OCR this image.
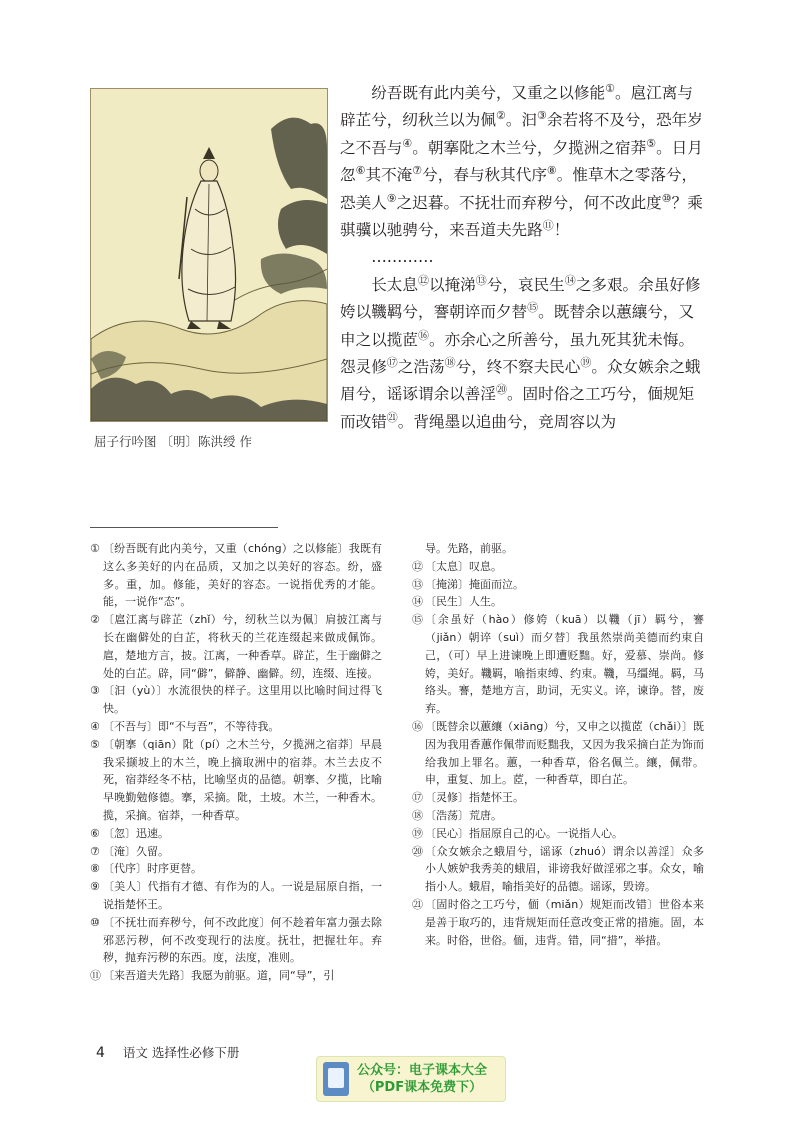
屈子行吟图 〔明〕陈洪绶 作

纷吾既有此内美兮，又重之以修能①。扈江离与辟芷兮，纫秋兰以为佩②。汩③余若将不及兮，恐年岁之不吾与④。朝搴阰之木兰兮，夕揽洲之宿莽⑤。日月忽⑥其不淹⑦兮，春与秋其代序⑧。惟草木之零落兮，恐美人⑨之迟暮。不抚壮而弃秽兮，何不改此度⑩？乘骐骥以驰骋兮，来吾道夫先路⑪！

…………

长太息⑫以掩涕⑬兮，哀民生⑭之多艰。余虽好修姱以鞿羁兮，謇朝谇而夕替⑮。既替余以蕙纕兮，又申之以揽茝⑯。亦余心之所善兮，虽九死其犹未悔。怨灵修⑰之浩荡⑱兮，终不察夫民心⑲。众女嫉余之蛾眉兮，谣诼谓余以善淫⑳。固时俗之工巧兮，偭规矩而改错$^㉑$。背绳墨以追曲兮，竞周容以为

① 〔纷吾既有此内美兮，又重（chóng）之以修能〕我既有这么多美好的内在品质，又加之以美好的容态。纷，盛多。重，加。修能，美好的容态。一说指优秀的才能。能，一说作“态”。
② 〔扈江离与辟芷（zhǐ）兮，纫秋兰以为佩〕肩披江离与长在幽僻处的白芷，将秋天的兰花连缀起来做成佩饰。扈，楚地方言，披。江离，一种香草。辟芷，生于幽僻之处的白芷。辟，同“僻”，僻静、幽僻。纫，连缀、连接。
③ 〔汩（yù）〕水流很快的样子。这里用以比喻时间过得飞快。
④ 〔不吾与〕即“不与吾”，不等待我。
⑤ 〔朝搴（qiān）阰（pí）之木兰兮，夕揽洲之宿莽〕早晨我采撷坡上的木兰，晚上摘取洲中的宿莽。木兰去皮不死，宿莽经冬不枯，比喻坚贞的品德。朝搴、夕揽，比喻早晚勤勉修德。搴，采摘。阰，土坡。木兰，一种香木。揽，采摘。宿莽，一种香草。
⑥ 〔忽〕迅速。
⑦ 〔淹〕久留。
⑧ 〔代序〕时序更替。
⑨ 〔美人〕代指有才德、有作为的人。一说是屈原自指，一说指楚怀王。
⑩ 〔不抚壮而弃秽兮，何不改此度〕何不趁着年富力强去除邪恶污秽，何不改变现行的法度。抚壮，把握壮年。弃秽，抛弃污秽的东西。度，法度，准则。
⑪ 〔来吾道夫先路〕我愿为前驱。道，同“导”，引
导。先路，前驱。
⑫ 〔太息〕叹息。
⑬ 〔掩涕〕掩面而泣。
⑭ 〔民生〕人生。
⑮ 〔余虽好（hào）修姱（kuā）以鞿（jī）羁兮，謇（jiǎn）朝谇（suì）而夕替〕我虽然崇尚美德而约束自己，（可）早上进谏晚上即遭贬黜。好，爱慕、崇尚。修姱，美好。鞿羁，喻指束缚、约束。鞿，马缰绳。羁，马络头。謇，楚地方言，助词，无实义。谇，谏诤。替，废弃。
⑯ 〔既替余以蕙纕（xiāng）兮，又申之以揽茝（chǎi）〕既因为我用香蕙作佩带而贬黜我，又因为我采摘白芷为饰而给我加上罪名。蕙，一种香草，俗名佩兰。纕，佩带。申，重复、加上。茝，一种香草，即白芷。
⑰ 〔灵修〕指楚怀王。
⑱ 〔浩荡〕荒唐。
⑲ 〔民心〕指屈原自己的心。一说指人心。
⑳ 〔众女嫉余之蛾眉兮，谣诼（zhuó）谓余以善淫〕众多小人嫉妒我秀美的蛾眉，诽谤我好做淫邪之事。众女，喻指小人。蛾眉，喻指美好的品德。谣诼，毁谤。
㉑ 〔固时俗之工巧兮，偭（miǎn）规矩而改错〕世俗本来是善于取巧的，违背规矩而任意改变正常的措施。固，本来。时俗，世俗。偭，违背。错，同“措”，举措。
4 语文 选择性必修下册
公众号：电子课本大全
（PDF课本免费下）
